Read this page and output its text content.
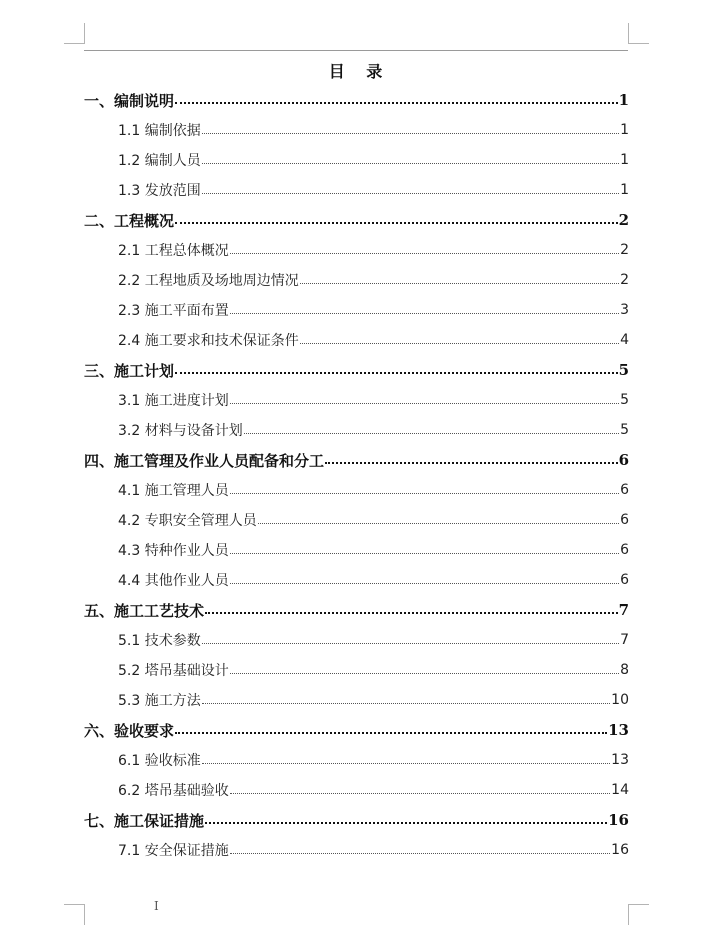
目 录
一、编制说明	1
1.1 编制依据	1
1.2 编制人员	1
1.3 发放范围	1
二、工程概况	2
2.1 工程总体概况	2
2.2 工程地质及场地周边情况	2
2.3 施工平面布置	3
2.4 施工要求和技术保证条件	4
三、施工计划	5
3.1 施工进度计划	5
3.2 材料与设备计划	5
四、施工管理及作业人员配备和分工	6
4.1 施工管理人员	6
4.2 专职安全管理人员	6
4.3 特种作业人员	6
4.4 其他作业人员	6
五、施工工艺技术	7
5.1 技术参数	7
5.2 塔吊基础设计	8
5.3 施工方法	10
六、验收要求	13
6.1 验收标准	13
6.2 塔吊基础验收	14
七、施工保证措施	16
7.1 安全保证措施	16
I
